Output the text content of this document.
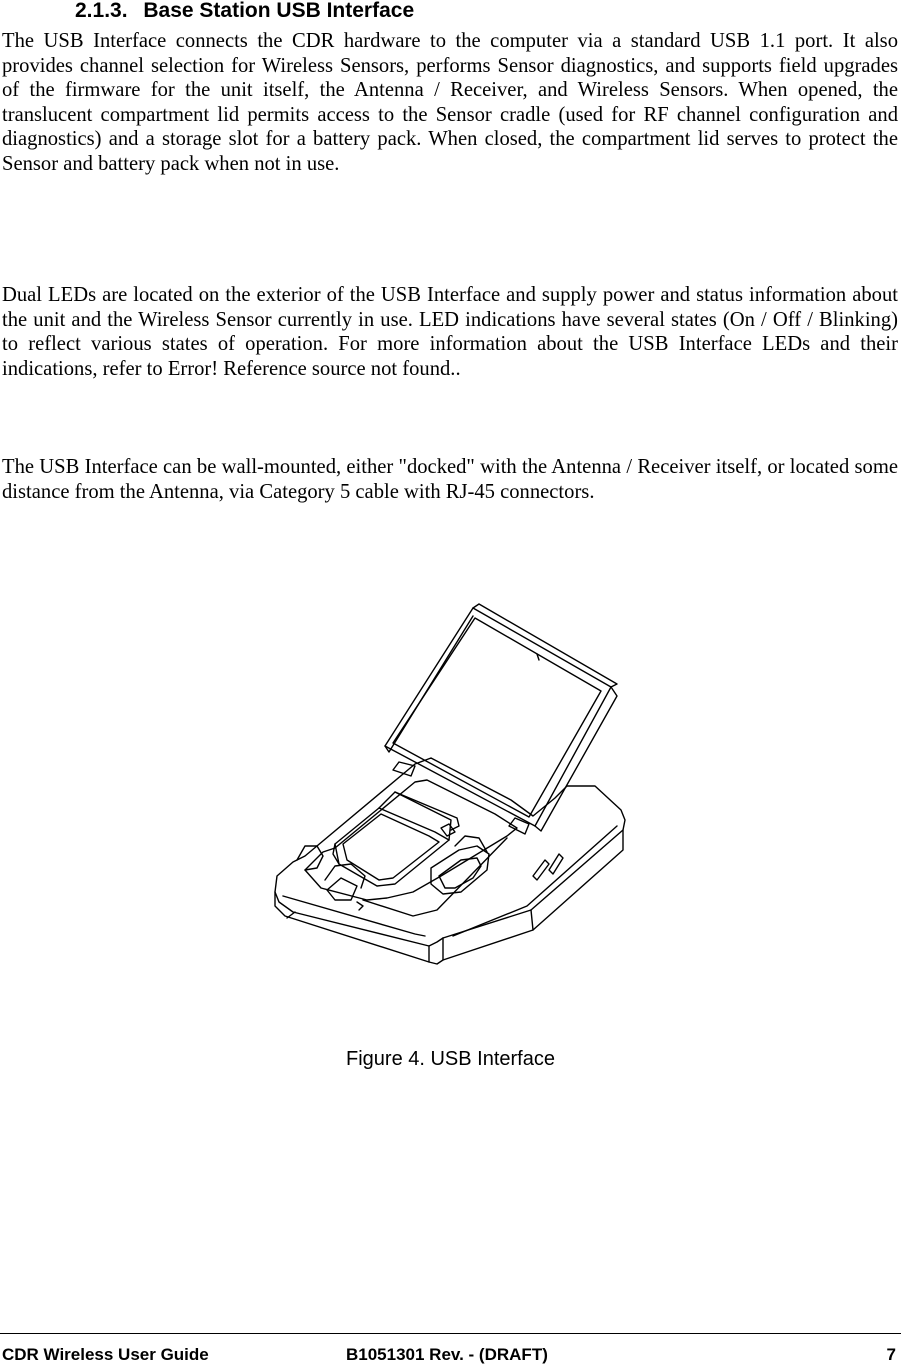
2.1.3. Base Station USB Interface

The USB Interface connects the CDR hardware to the computer via a standard USB 1.1 port. It also provides channel selection for Wireless Sensors, performs Sensor diagnostics, and supports field upgrades of the firmware for the unit itself, the Antenna / Receiver, and Wireless Sensors. When opened, the translucent compartment lid permits access to the Sensor cradle (used for RF channel configuration and diagnostics) and a storage slot for a battery pack. When closed, the compartment lid serves to protect the Sensor and battery pack when not in use.

Dual LEDs are located on the exterior of the USB Interface and supply power and status information about the unit and the Wireless Sensor currently in use. LED indications have several states (On / Off / Blinking) to reflect various states of operation. For more information about the USB Interface LEDs and their indications, refer to Error! Reference source not found..

The USB Interface can be wall-mounted, either "docked" with the Antenna / Receiver itself, or located some distance from the Antenna, via Category 5 cable with RJ-45 connectors.

Figure 4. USB Interface

CDR Wireless User Guide	B1051301 Rev. - (DRAFT)	7
